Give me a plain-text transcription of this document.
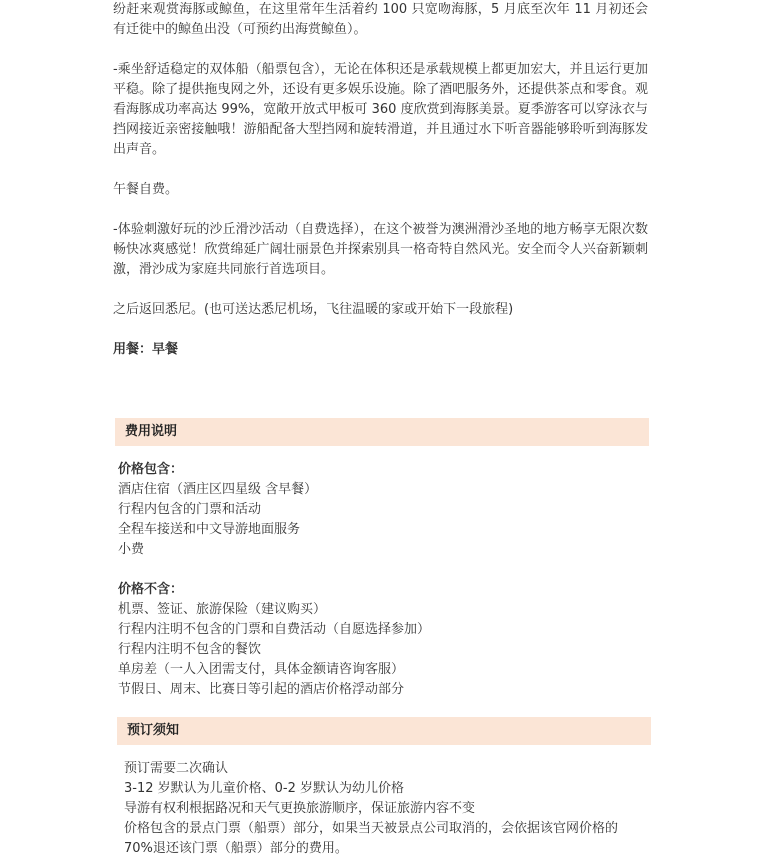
纷赶来观赏海豚或鲸鱼，在这里常年生活着约 100 只宽吻海豚，5 月底至次年 11 月初还会有迁徙中的鲸鱼出没（可预约出海赏鲸鱼）。

-乘坐舒适稳定的双体船（船票包含），无论在体积还是承载规模上都更加宏大，并且运行更加平稳。除了提供拖曳网之外，还设有更多娱乐设施。除了酒吧服务外，还提供茶点和零食。观看海豚成功率高达 99%，宽敞开放式甲板可 360 度欣赏到海豚美景。夏季游客可以穿泳衣与挡网接近亲密接触哦！游船配备大型挡网和旋转滑道，并且通过水下听音器能够聆听到海豚发出声音。

午餐自费。

-体验刺激好玩的沙丘滑沙活动（自费选择），在这个被誉为澳洲滑沙圣地的地方畅享无限次数畅快冰爽感觉！欣赏绵延广阔壮丽景色并探索别具一格奇特自然风光。安全而令人兴奋新颖刺激，滑沙成为家庭共同旅行首选项目。

之后返回悉尼。(也可送达悉尼机场，飞往温暖的家或开始下一段旅程)

用餐：早餐
费用说明
价格包含：
酒店住宿（酒庄区四星级 含早餐）
行程内包含的门票和活动
全程车接送和中文导游地面服务
小费
价格不含：
机票、签证、旅游保险（建议购买）
行程内注明不包含的门票和自费活动（自愿选择参加）
行程内注明不包含的餐饮
单房差（一人入团需支付，具体金额请咨询客服）
节假日、周末、比赛日等引起的酒店价格浮动部分
预订须知
预订需要二次确认
3-12 岁默认为儿童价格、0-2 岁默认为幼儿价格
导游有权利根据路况和天气更换旅游顺序，保证旅游内容不变
价格包含的景点门票（船票）部分，如果当天被景点公司取消的，会依据该官网价格的
70%退还该门票（船票）部分的费用。
